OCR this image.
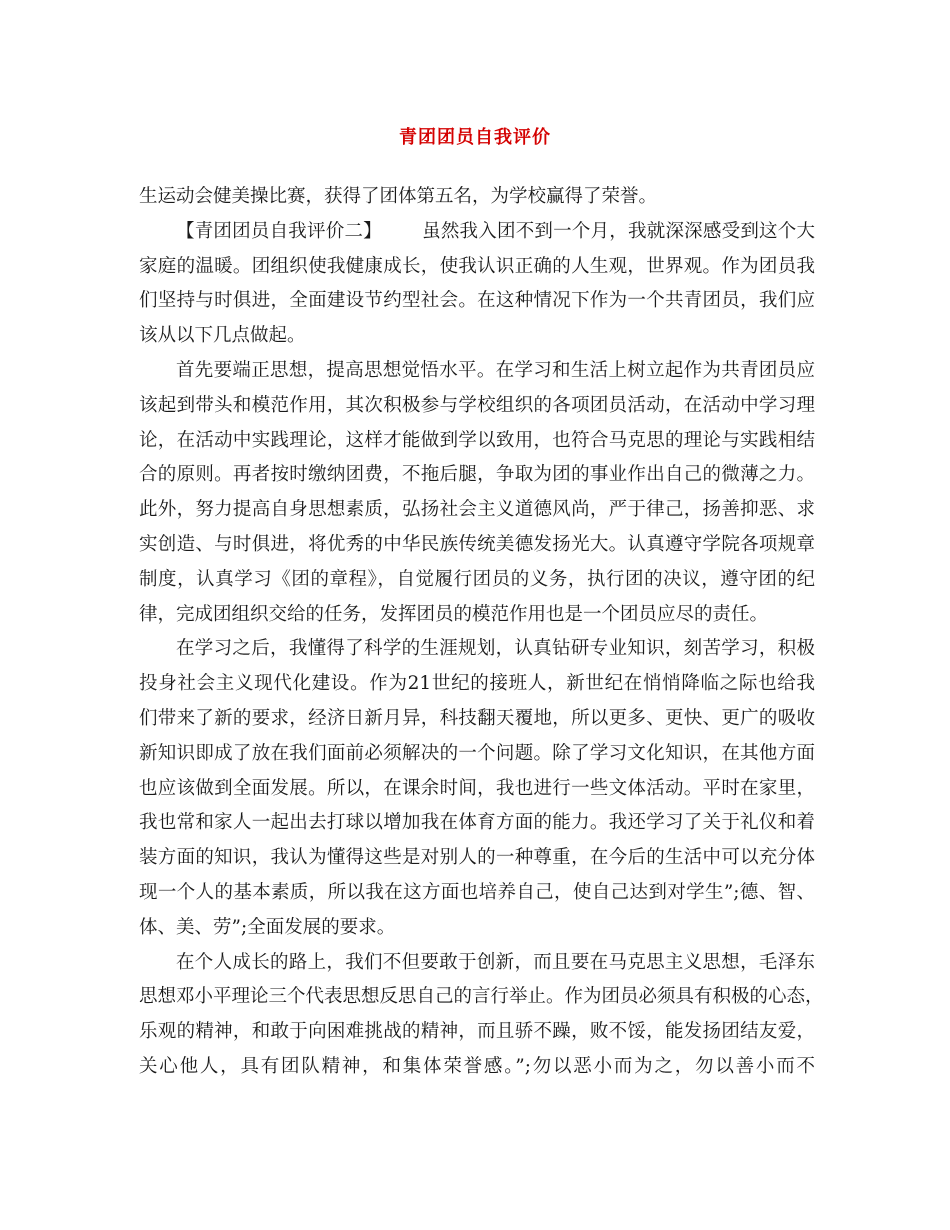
青团团员自我评价

生运动会健美操比赛，获得了团体第五名，为学校赢得了荣誉。

【青团团员自我评价二】 虽然我入团不到一个月，我就深深感受到这个大
家庭的温暖。团组织使我健康成长，使我认识正确的人生观，世界观。作为团员我
们坚持与时俱进，全面建设节约型社会。在这种情况下作为一个共青团员，我们应
该从以下几点做起。

首先要端正思想，提高思想觉悟水平。在学习和生活上树立起作为共青团员应
该起到带头和模范作用，其次积极参与学校组织的各项团员活动，在活动中学习理
论，在活动中实践理论，这样才能做到学以致用，也符合马克思的理论与实践相结
合的原则。再者按时缴纳团费，不拖后腿，争取为团的事业作出自己的微薄之力。
此外，努力提高自身思想素质，弘扬社会主义道德风尚，严于律己，扬善抑恶、求
实创造、与时俱进，将优秀的中华民族传统美德发扬光大。认真遵守学院各项规章
制度，认真学习《团的章程》，自觉履行团员的义务，执行团的决议，遵守团的纪
律，完成团组织交给的任务，发挥团员的模范作用也是一个团员应尽的责任。

在学习之后，我懂得了科学的生涯规划，认真钻研专业知识，刻苦学习，积极
投身社会主义现代化建设。作为21世纪的接班人，新世纪在悄悄降临之际也给我
们带来了新的要求，经济日新月异，科技翻天覆地，所以更多、更快、更广的吸收
新知识即成了放在我们面前必须解决的一个问题。除了学习文化知识，在其他方面
也应该做到全面发展。所以，在课余时间，我也进行一些文体活动。平时在家里，
我也常和家人一起出去打球以增加我在体育方面的能力。我还学习了关于礼仪和着
装方面的知识，我认为懂得这些是对别人的一种尊重，在今后的生活中可以充分体
现一个人的基本素质，所以我在这方面也培养自己，使自己达到对学生”;德、智、
体、美、劳”;全面发展的要求。

在个人成长的路上，我们不但要敢于创新，而且要在马克思主义思想，毛泽东
思想邓小平理论三个代表思想反思自己的言行举止。作为团员必须具有积极的心态，
乐观的精神，和敢于向困难挑战的精神，而且骄不躁，败不馁，能发扬团结友爱，
关心他人，具有团队精神，和集体荣誉感。”;勿以恶小而为之，勿以善小而不
